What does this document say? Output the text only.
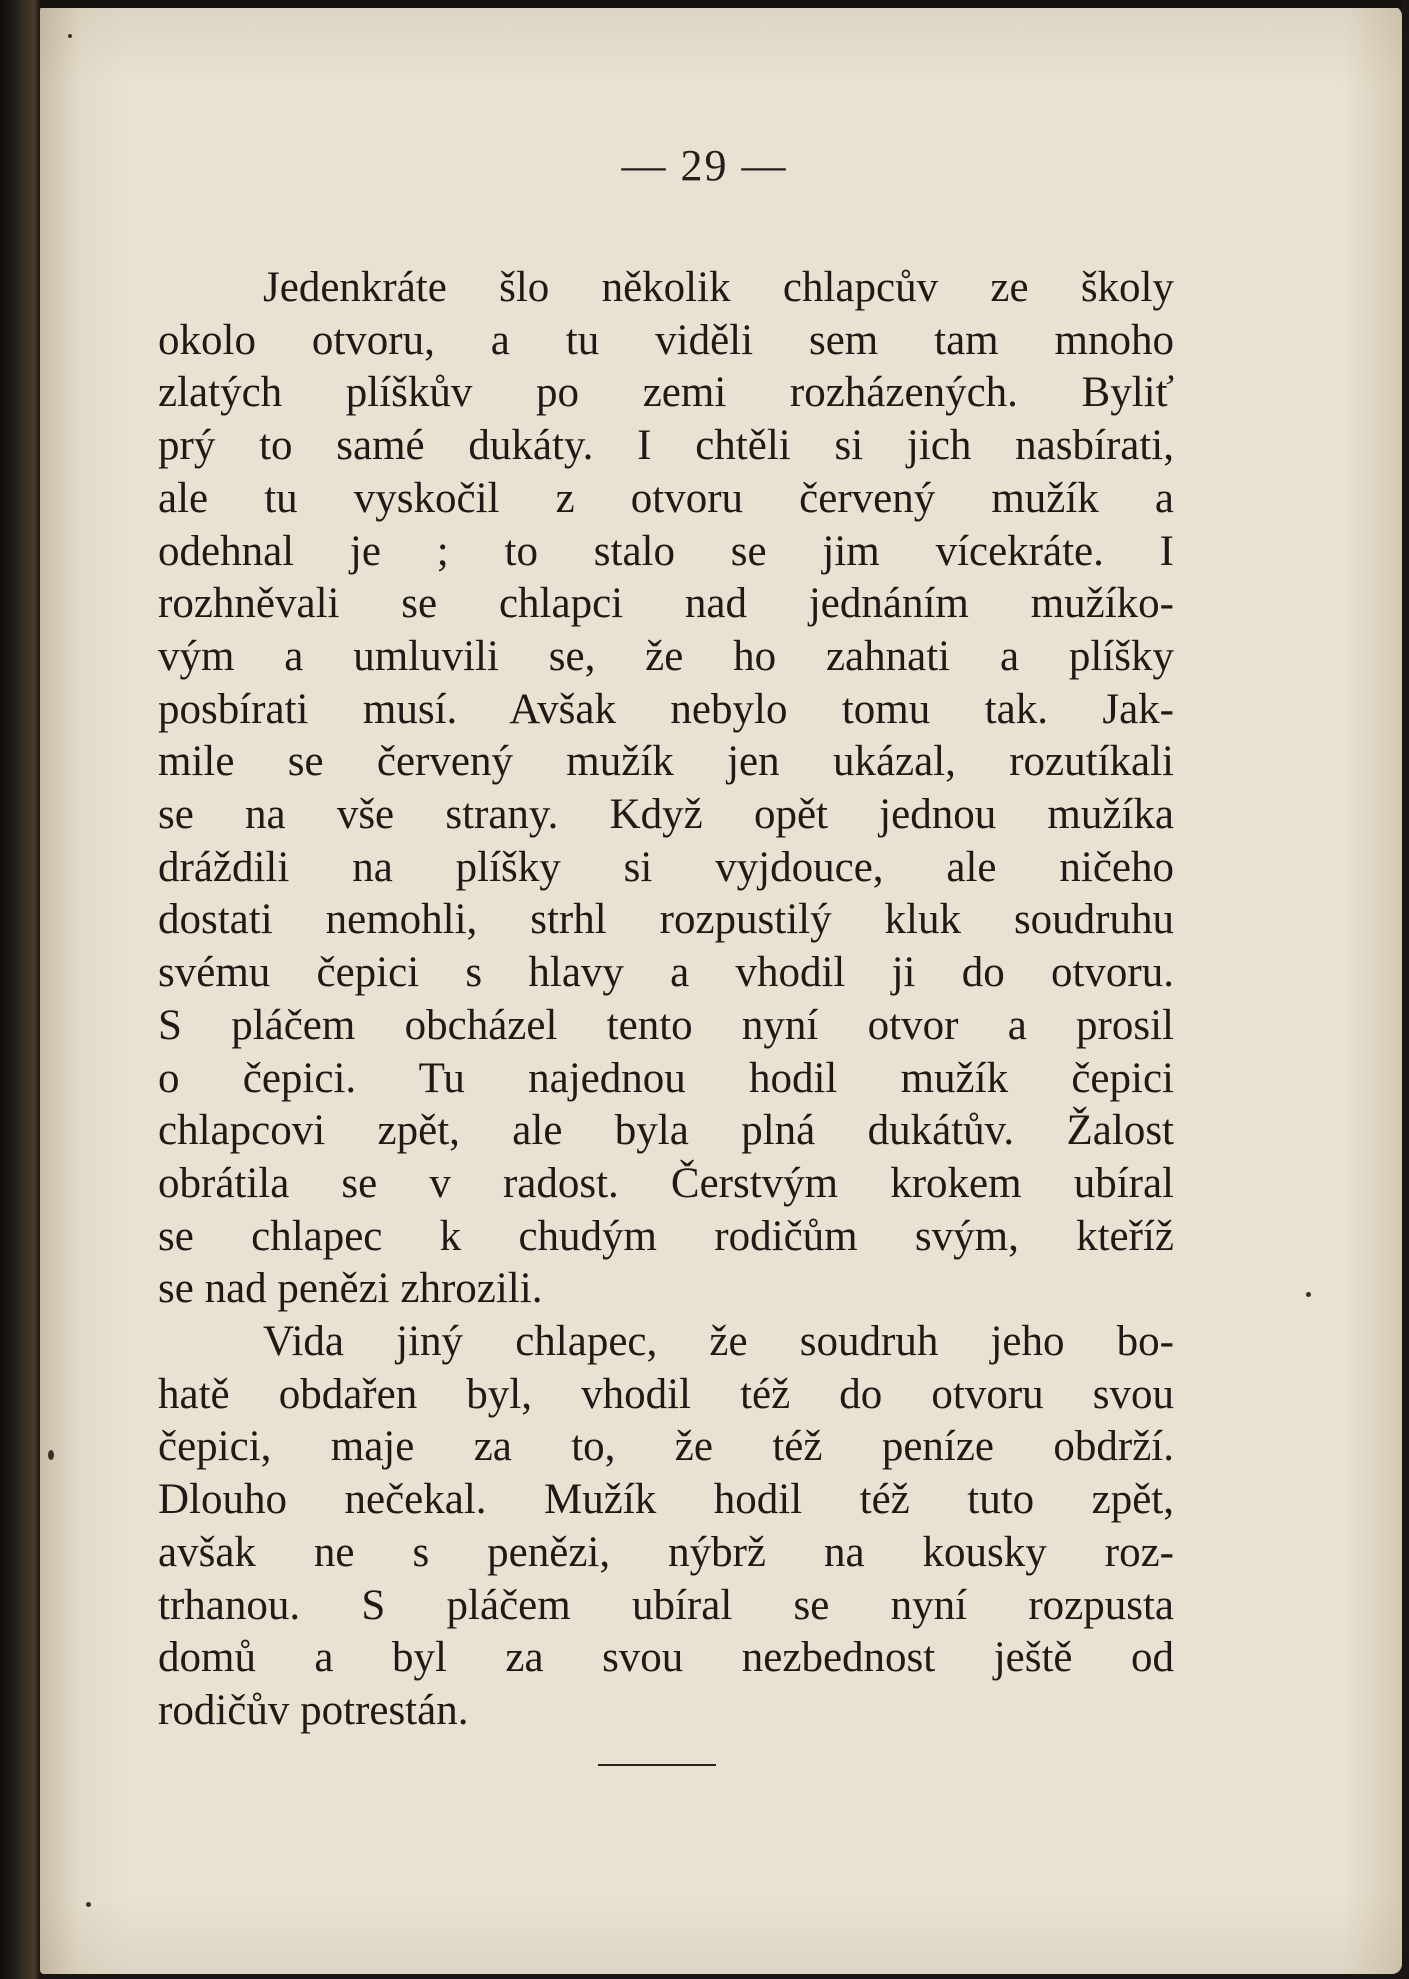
— 29 —

Jedenkráte šlo několik chlapcův ze školy
okolo otvoru, a tu viděli sem tam mnoho
zlatých plíškův po zemi rozházených. Byliť
prý to samé dukáty. I chtěli si jich nasbírati,
ale tu vyskočil z otvoru červený mužík a
odehnal je ; to stalo se jim vícekráte. I
rozhněvali se chlapci nad jednáním mužíko-
vým a umluvili se, že ho zahnati a plíšky
posbírati musí. Avšak nebylo tomu tak. Jak-
mile se červený mužík jen ukázal, rozutíkali
se na vše strany. Když opět jednou mužíka
dráždili na plíšky si vyjdouce, ale ničeho
dostati nemohli, strhl rozpustilý kluk soudruhu
svému čepici s hlavy a vhodil ji do otvoru.
S pláčem obcházel tento nyní otvor a prosil
o čepici. Tu najednou hodil mužík čepici
chlapcovi zpět, ale byla plná dukátův. Žalost
obrátila se v radost. Čerstvým krokem ubíral
se chlapec k chudým rodičům svým, kteříž
se nad penězi zhrozili.

Vida jiný chlapec, že soudruh jeho bo-
hatě obdařen byl, vhodil též do otvoru svou
čepici, maje za to, že též peníze obdrží.
Dlouho nečekal. Mužík hodil též tuto zpět,
avšak ne s penězi, nýbrž na kousky roz-
trhanou. S pláčem ubíral se nyní rozpusta
domů a byl za svou nezbednost ještě od
rodičův potrestán.
